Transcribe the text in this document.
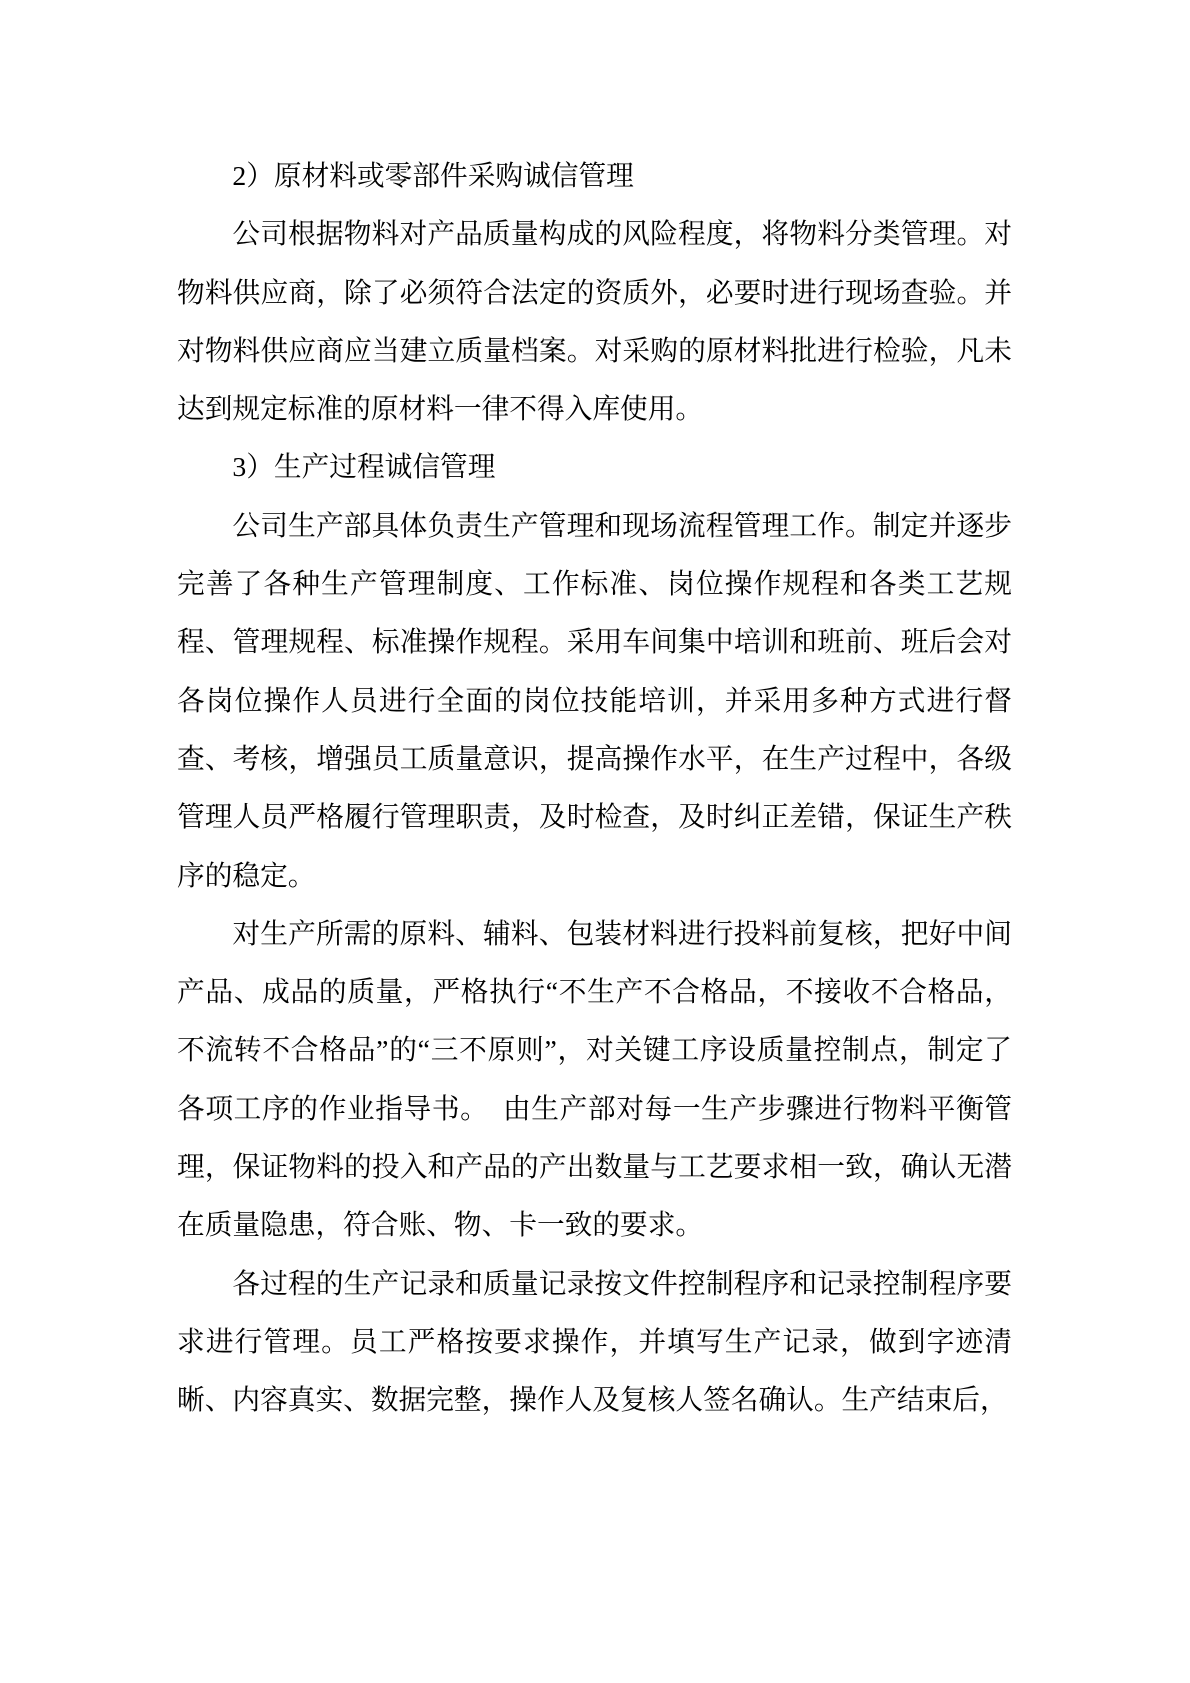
2）原材料或零部件采购诚信管理

公司根据物料对产品质量构成的风险程度，将物料分类管理。对物料供应商，除了必须符合法定的资质外，必要时进行现场查验。并对物料供应商应当建立质量档案。对采购的原材料批进行检验，凡未达到规定标准的原材料一律不得入库使用。

3）生产过程诚信管理

公司生产部具体负责生产管理和现场流程管理工作。制定并逐步完善了各种生产管理制度、工作标准、岗位操作规程和各类工艺规程、管理规程、标准操作规程。采用车间集中培训和班前、班后会对各岗位操作人员进行全面的岗位技能培训，并采用多种方式进行督查、考核，增强员工质量意识，提高操作水平，在生产过程中，各级管理人员严格履行管理职责，及时检查，及时纠正差错，保证生产秩序的稳定。

对生产所需的原料、辅料、包装材料进行投料前复核，把好中间产品、成品的质量，严格执行“不生产不合格品，不接收不合格品，不流转不合格品”的“三不原则”，对关键工序设质量控制点，制定了各项工序的作业指导书。　由生产部对每一生产步骤进行物料平衡管理，保证物料的投入和产品的产出数量与工艺要求相一致，确认无潜在质量隐患，符合账、物、卡一致的要求。

各过程的生产记录和质量记录按文件控制程序和记录控制程序要求进行管理。员工严格按要求操作，并填写生产记录，做到字迹清晰、内容真实、数据完整，操作人及复核人签名确认。生产结束后，
